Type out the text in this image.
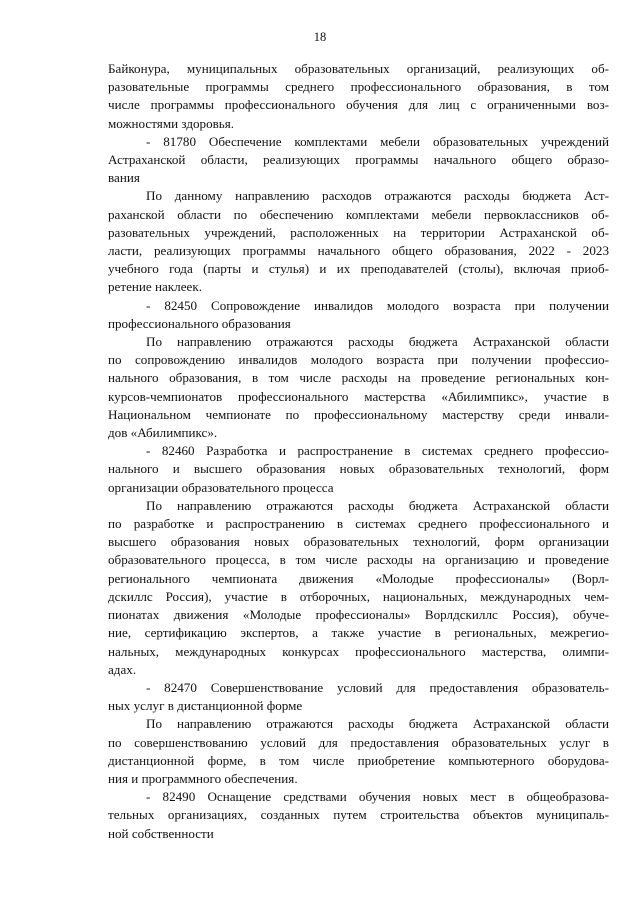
18
Байконура, муниципальных образовательных организаций, реализующих об-
разовательные программы среднего профессионального образования, в том
числе программы профессионального обучения для лиц с ограниченными воз-
можностями здоровья.
- 81780 Обеспечение комплектами мебели образовательных учреждений
Астраханской области, реализующих программы начального общего образо-
вания
По данному направлению расходов отражаются расходы бюджета Аст-
раханской области по обеспечению комплектами мебели первоклассников об-
разовательных учреждений, расположенных на территории Астраханской об-
ласти, реализующих программы начального общего образования, 2022 - 2023
учебного года (парты и стулья) и их преподавателей (столы), включая приоб-
ретение наклеек.
- 82450 Сопровождение инвалидов молодого возраста при получении
профессионального образования
По направлению отражаются расходы бюджета Астраханской области
по сопровождению инвалидов молодого возраста при получении профессио-
нального образования, в том числе расходы на проведение региональных кон-
курсов-чемпионатов профессионального мастерства «Абилимпикс», участие в
Национальном чемпионате по профессиональному мастерству среди инвали-
дов «Абилимпикс».
- 82460 Разработка и распространение в системах среднего профессио-
нального и высшего образования новых образовательных технологий, форм
организации образовательного процесса
По направлению отражаются расходы бюджета Астраханской области
по разработке и распространению в системах среднего профессионального и
высшего образования новых образовательных технологий, форм организации
образовательного процесса, в том числе расходы на организацию и проведение
регионального чемпионата движения «Молодые профессионалы» (Ворл-
дскиллс Россия), участие в отборочных, национальных, международных чем-
пионатах движения «Молодые профессионалы» Ворлдскиллс Россия), обуче-
ние, сертификацию экспертов, а также участие в региональных, межрегио-
нальных, международных конкурсах профессионального мастерства, олимпи-
адах.
- 82470 Совершенствование условий для предоставления образователь-
ных услуг в дистанционной форме
По направлению отражаются расходы бюджета Астраханской области
по совершенствованию условий для предоставления образовательных услуг в
дистанционной форме, в том числе приобретение компьютерного оборудова-
ния и программного обеспечения.
- 82490 Оснащение средствами обучения новых мест в общеобразова-
тельных организациях, созданных путем строительства объектов муниципаль-
ной собственности
